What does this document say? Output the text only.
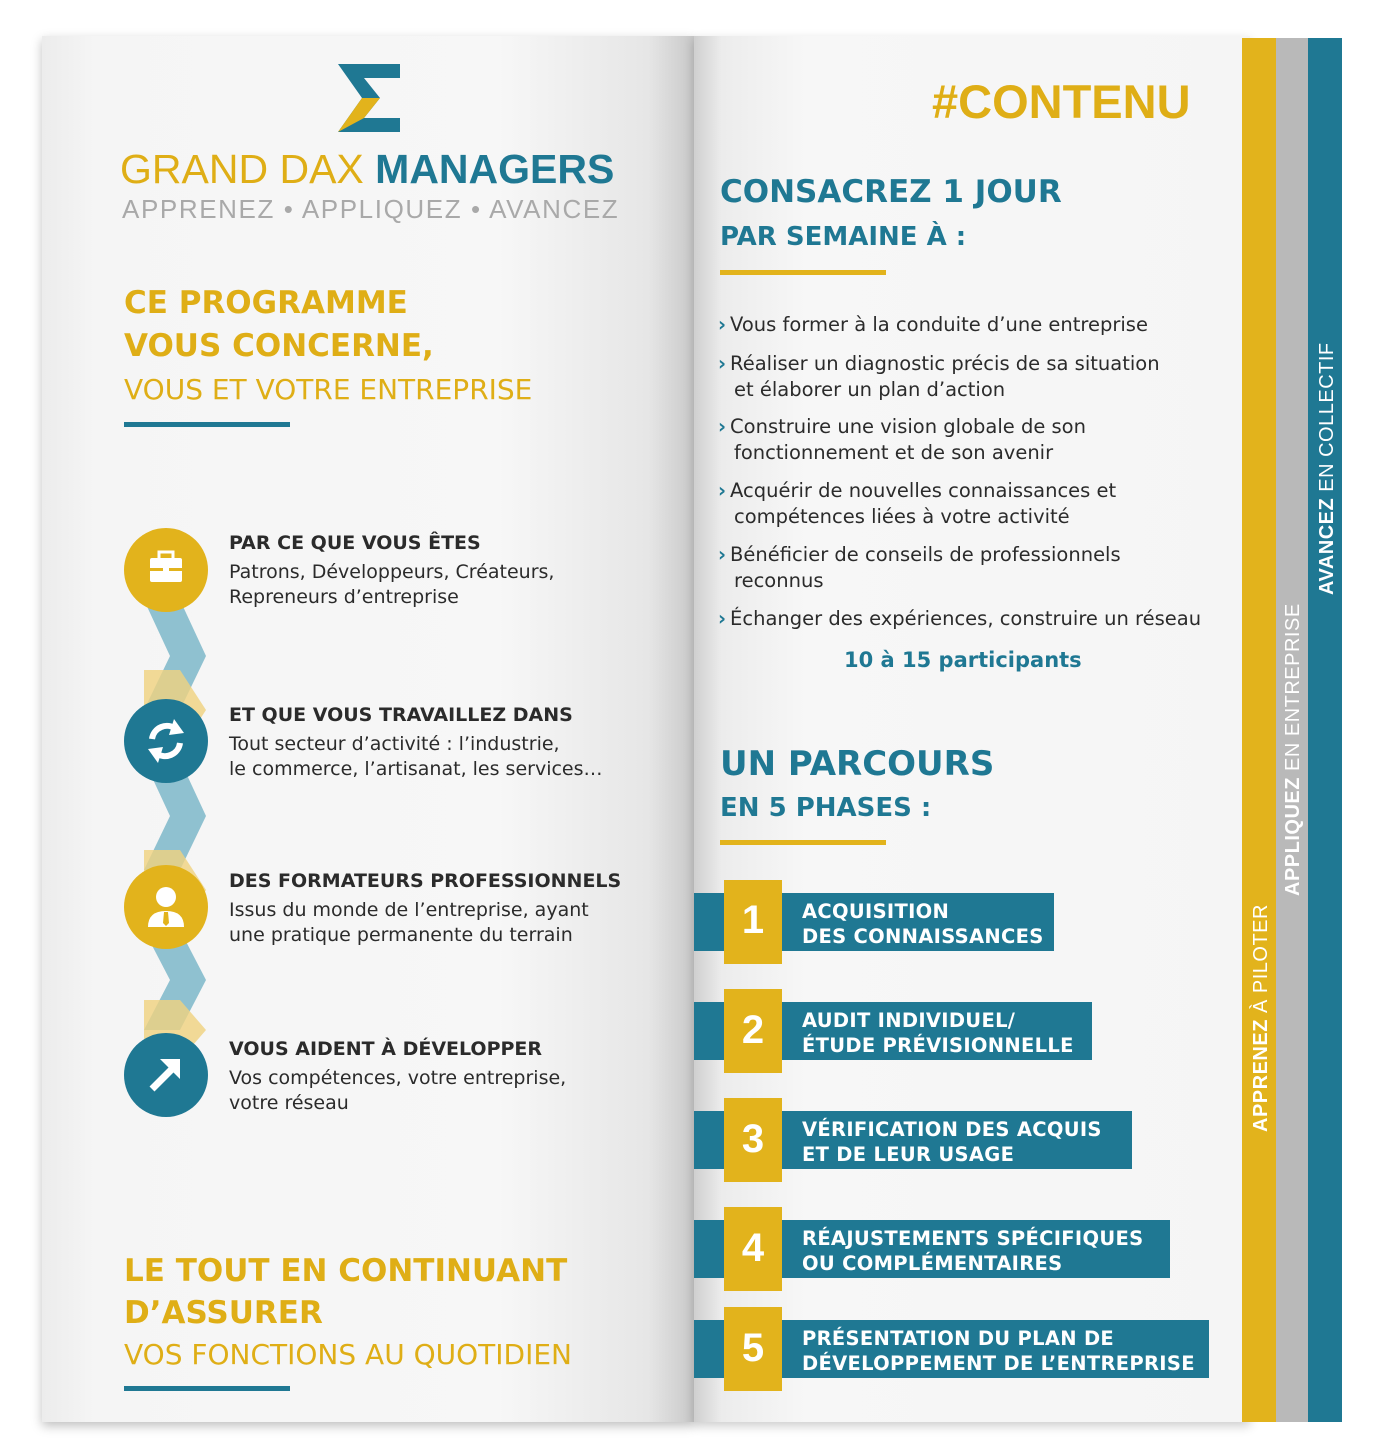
APPRENEZ À PILOTER
APPLIQUEZ EN ENTREPRISE
AVANCEZ EN COLLECTIF
GRAND DAX MANAGERS
APPRENEZ • APPLIQUEZ • AVANCEZ
CE PROGRAMME
VOUS CONCERNE,
VOUS ET VOTRE ENTREPRISE
PAR CE QUE VOUS ÊTES
Patrons, Développeurs, Créateurs,
Repreneurs d’entreprise
ET QUE VOUS TRAVAILLEZ DANS
Tout secteur d’activité : l’industrie,
le commerce, l’artisanat, les services…
DES FORMATEURS PROFESSIONNELS
Issus du monde de l’entreprise, ayant
une pratique permanente du terrain
VOUS AIDENT À DÉVELOPPER
Vos compétences, votre entreprise,
votre réseau
LE TOUT EN CONTINUANT
D’ASSURER
VOS FONCTIONS AU QUOTIDIEN
#CONTENU
CONSACREZ 1 JOUR
PAR SEMAINE À :
› Vous former à la conduite d’une entreprise
› Réaliser un diagnostic précis de sa situation
et élaborer un plan d’action
› Construire une vision globale de son
fonctionnement et de son avenir
› Acquérir de nouvelles connaissances et
compétences liées à votre activité
› Bénéficier de conseils de professionnels
reconnus
› Échanger des expériences, construire un réseau
10 à 15 participants
UN PARCOURS
EN 5 PHASES :
1	ACQUISITION
DES CONNAISSANCES
2	AUDIT INDIVIDUEL/
ÉTUDE PRÉVISIONNELLE
3	VÉRIFICATION DES ACQUIS
ET DE LEUR USAGE
4	RÉAJUSTEMENTS SPÉCIFIQUES
OU COMPLÉMENTAIRES
5	PRÉSENTATION DU PLAN DE
DÉVELOPPEMENT DE L’ENTREPRISE
